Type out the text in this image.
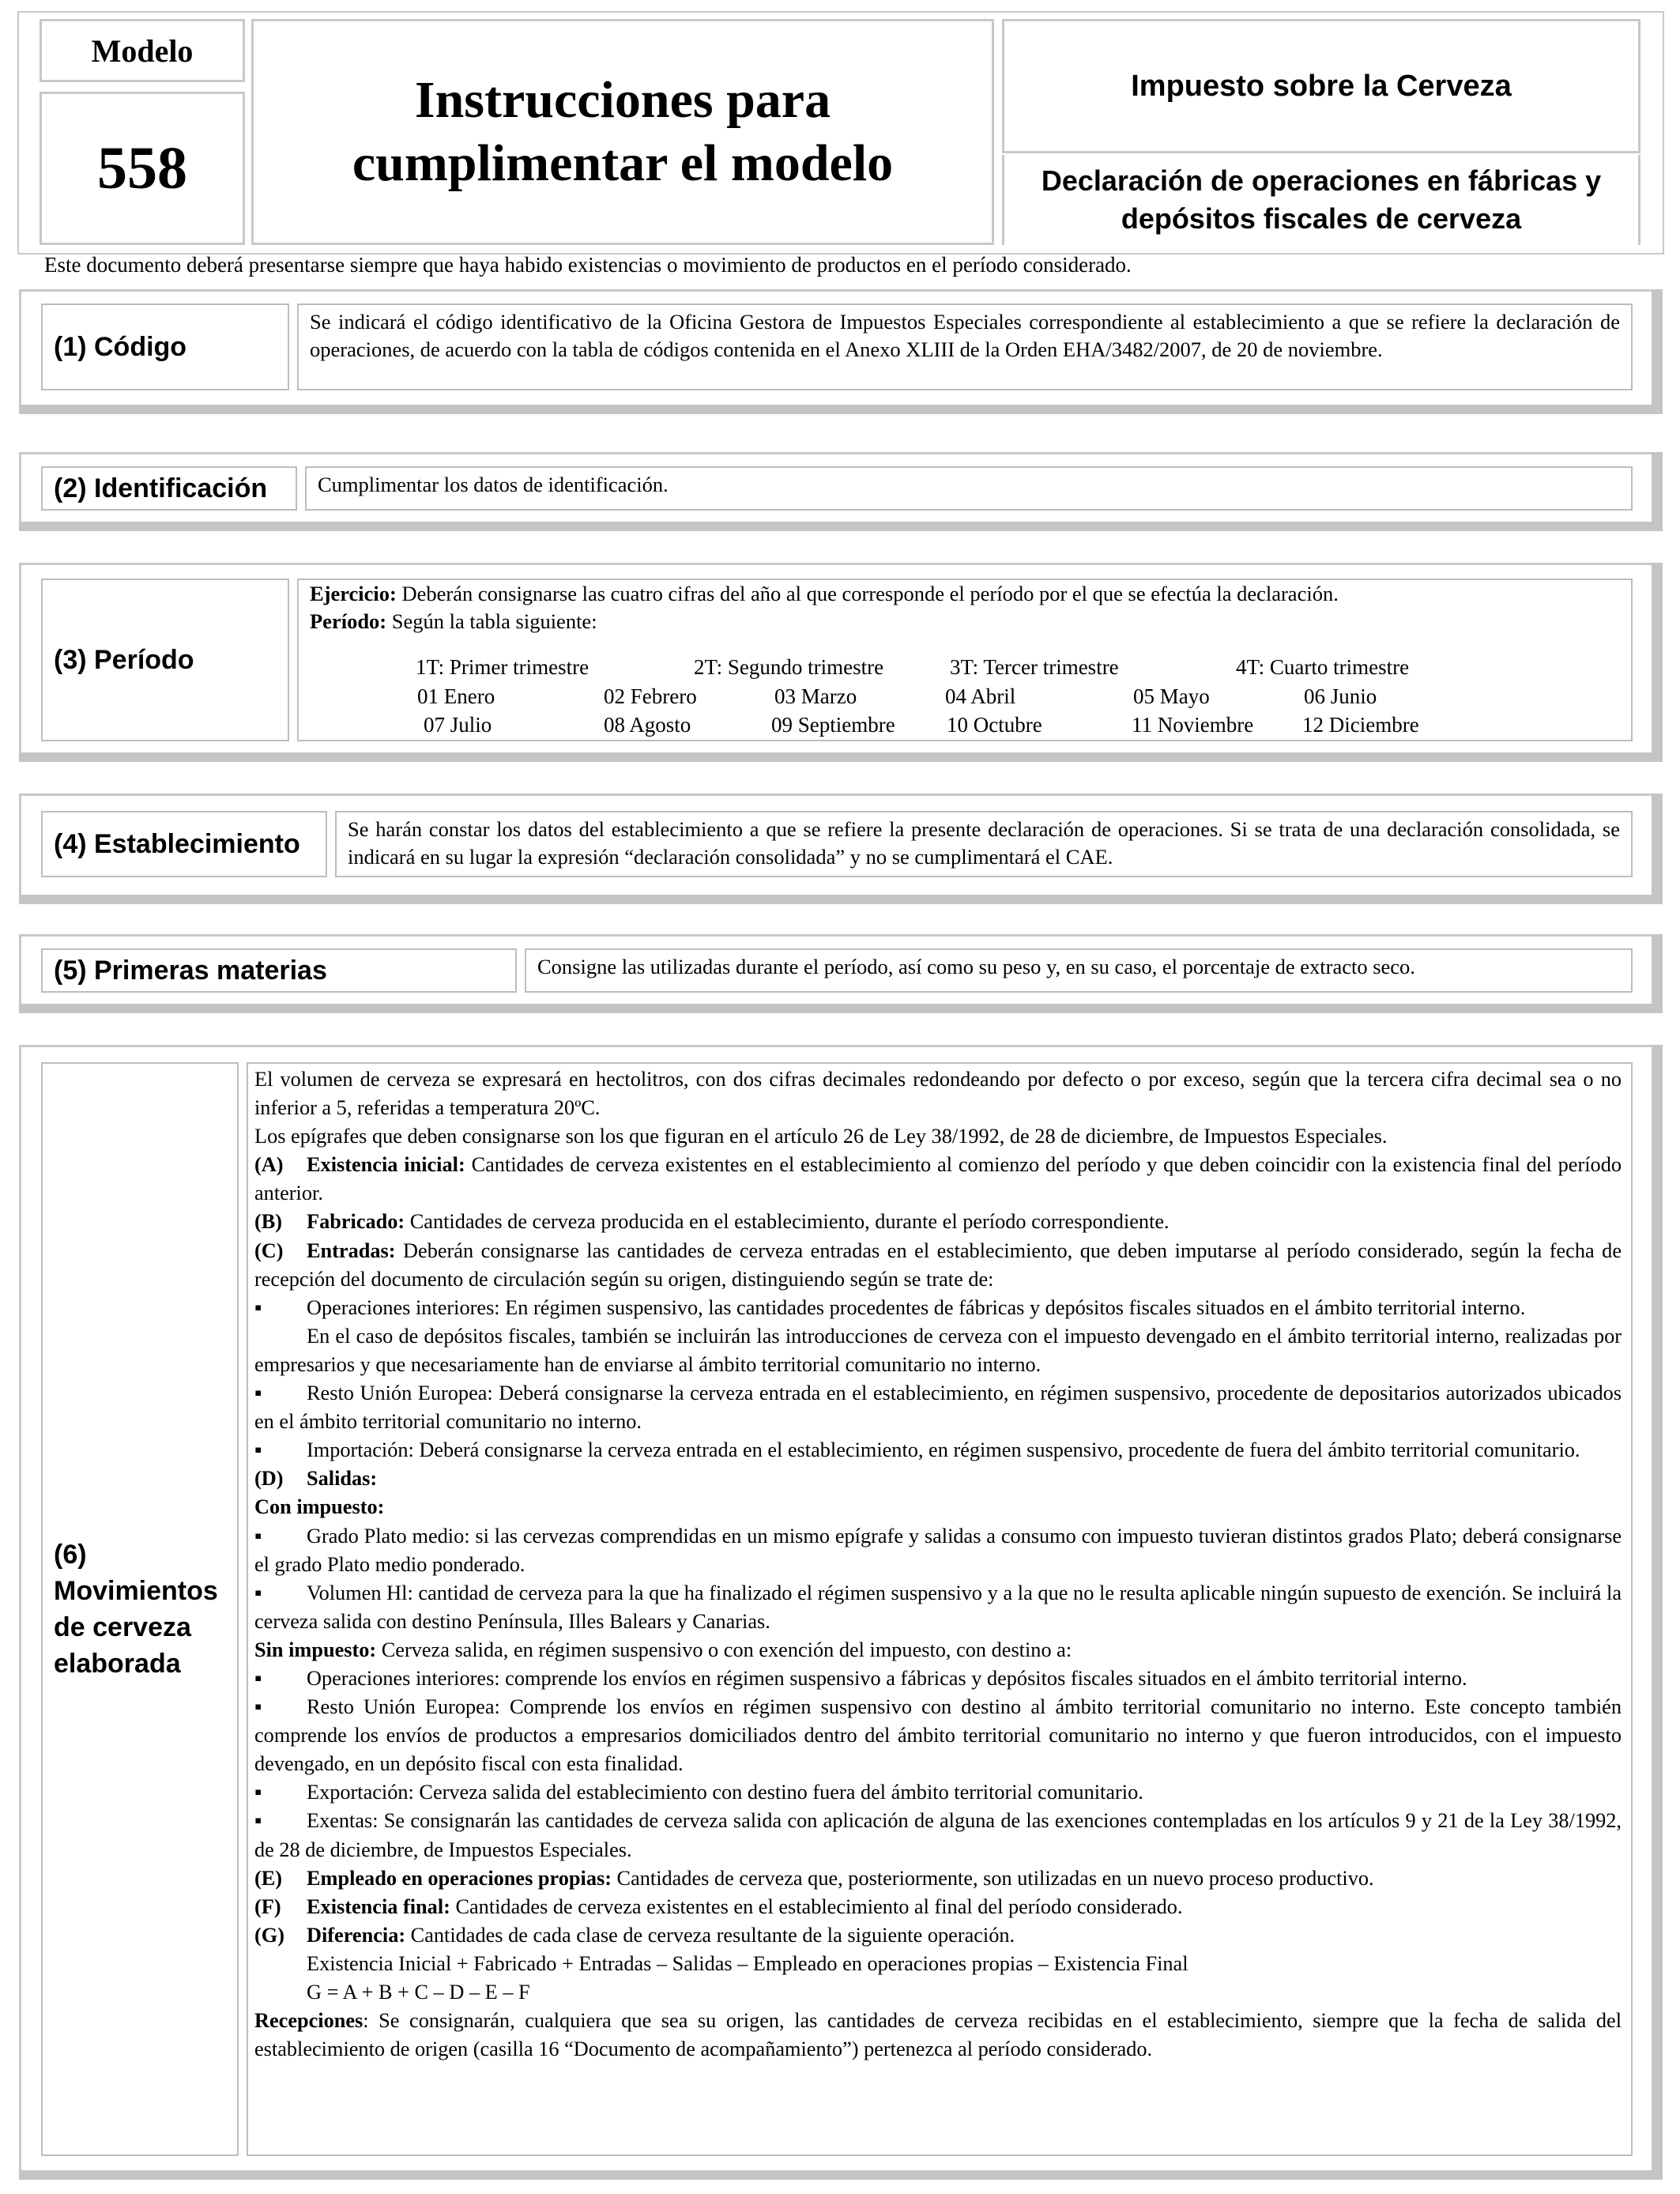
Modelo
558
Instrucciones para
cumplimentar el modelo
Impuesto sobre la Cerveza
Declaración de operaciones en fábricas y
depósitos fiscales de cerveza
Este documento deberá presentarse siempre que haya habido existencias o movimiento de productos en el período considerado.
(1) Código
Se indicará el código identificativo de la Oficina Gestora de Impuestos Especiales correspondiente al establecimiento a que se refiere la declaración de operaciones, de acuerdo con la tabla de códigos contenida en el Anexo XLIII de la Orden EHA/3482/2007, de 20 de noviembre.
(2) Identificación	Cumplimentar los datos de identificación.
(3) Período
Ejercicio: Deberán consignarse las cuatro cifras del año al que corresponde el período por el que se efectúa la declaración.
Período: Según la tabla siguiente:
1T: Primer trimestre	2T: Segundo trimestre	3T: Tercer trimestre	4T: Cuarto trimestre
01 Enero	02 Febrero	03 Marzo	04 Abril	05 Mayo	06 Junio
07 Julio	08 Agosto	09 Septiembre 10 Octubre	11 Noviembre 12 Diciembre
(4) Establecimiento	Se harán constar los datos del establecimiento a que se refiere la presente declaración de operaciones. Si se trata de una declaración consolidada, se indicará en su lugar la expresión “declaración consolidada” y no se cumplimentará el CAE.
(5) Primeras materias	Consigne las utilizadas durante el período, así como su peso y, en su caso, el porcentaje de extracto seco.
(6)
Movimientos
de cerveza
elaborada

El volumen de cerveza se expresará en hectolitros, con dos cifras decimales redondeando por defecto o por exceso, según que la tercera cifra decimal sea o no inferior a 5, referidas a temperatura 20ºC.

Los epígrafes que deben consignarse son los que figuran en el artículo 26 de Ley 38/1992, de 28 de diciembre, de Impuestos Especiales.

(A) Existencia inicial: Cantidades de cerveza existentes en el establecimiento al comienzo del período y que deben coincidir con la existencia final del período anterior.

(B) Fabricado: Cantidades de cerveza producida en el establecimiento, durante el período correspondiente.

(C) Entradas: Deberán consignarse las cantidades de cerveza entradas en el establecimiento, que deben imputarse al período considerado, según la fecha de recepción del documento de circulación según su origen, distinguiendo según se trate de:

▪ Operaciones interiores: En régimen suspensivo, las cantidades procedentes de fábricas y depósitos fiscales situados en el ámbito territorial interno.

En el caso de depósitos fiscales, también se incluirán las introducciones de cerveza con el impuesto devengado en el ámbito territorial interno, realizadas por empresarios y que necesariamente han de enviarse al ámbito territorial comunitario no interno.

▪ Resto Unión Europea: Deberá consignarse la cerveza entrada en el establecimiento, en régimen suspensivo, procedente de depositarios autorizados ubicados en el ámbito territorial comunitario no interno.

▪ Importación: Deberá consignarse la cerveza entrada en el establecimiento, en régimen suspensivo, procedente de fuera del ámbito territorial comunitario.

(D) Salidas:

Con impuesto:

▪ Grado Plato medio: si las cervezas comprendidas en un mismo epígrafe y salidas a consumo con impuesto tuvieran distintos grados Plato; deberá consignarse el grado Plato medio ponderado.

▪ Volumen Hl: cantidad de cerveza para la que ha finalizado el régimen suspensivo y a la que no le resulta aplicable ningún supuesto de exención. Se incluirá la cerveza salida con destino Península, Illes Balears y Canarias.

Sin impuesto: Cerveza salida, en régimen suspensivo o con exención del impuesto, con destino a:

▪ Operaciones interiores: comprende los envíos en régimen suspensivo a fábricas y depósitos fiscales situados en el ámbito territorial interno.

▪ Resto Unión Europea: Comprende los envíos en régimen suspensivo con destino al ámbito territorial comunitario no interno. Este concepto también comprende los envíos de productos a empresarios domiciliados dentro del ámbito territorial comunitario no interno y que fueron introducidos, con el impuesto devengado, en un depósito fiscal con esta finalidad.

▪ Exportación: Cerveza salida del establecimiento con destino fuera del ámbito territorial comunitario.

▪ Exentas: Se consignarán las cantidades de cerveza salida con aplicación de alguna de las exenciones contempladas en los artículos 9 y 21 de la Ley 38/1992, de 28 de diciembre, de Impuestos Especiales.

(E) Empleado en operaciones propias: Cantidades de cerveza que, posteriormente, son utilizadas en un nuevo proceso productivo.

(F) Existencia final: Cantidades de cerveza existentes en el establecimiento al final del período considerado.

(G) Diferencia: Cantidades de cada clase de cerveza resultante de la siguiente operación.

Existencia Inicial + Fabricado + Entradas – Salidas – Empleado en operaciones propias – Existencia Final

G = A + B + C – D – E – F

Recepciones: Se consignarán, cualquiera que sea su origen, las cantidades de cerveza recibidas en el establecimiento, siempre que la fecha de salida del establecimiento de origen (casilla 16 “Documento de acompañamiento”) pertenezca al período considerado.
